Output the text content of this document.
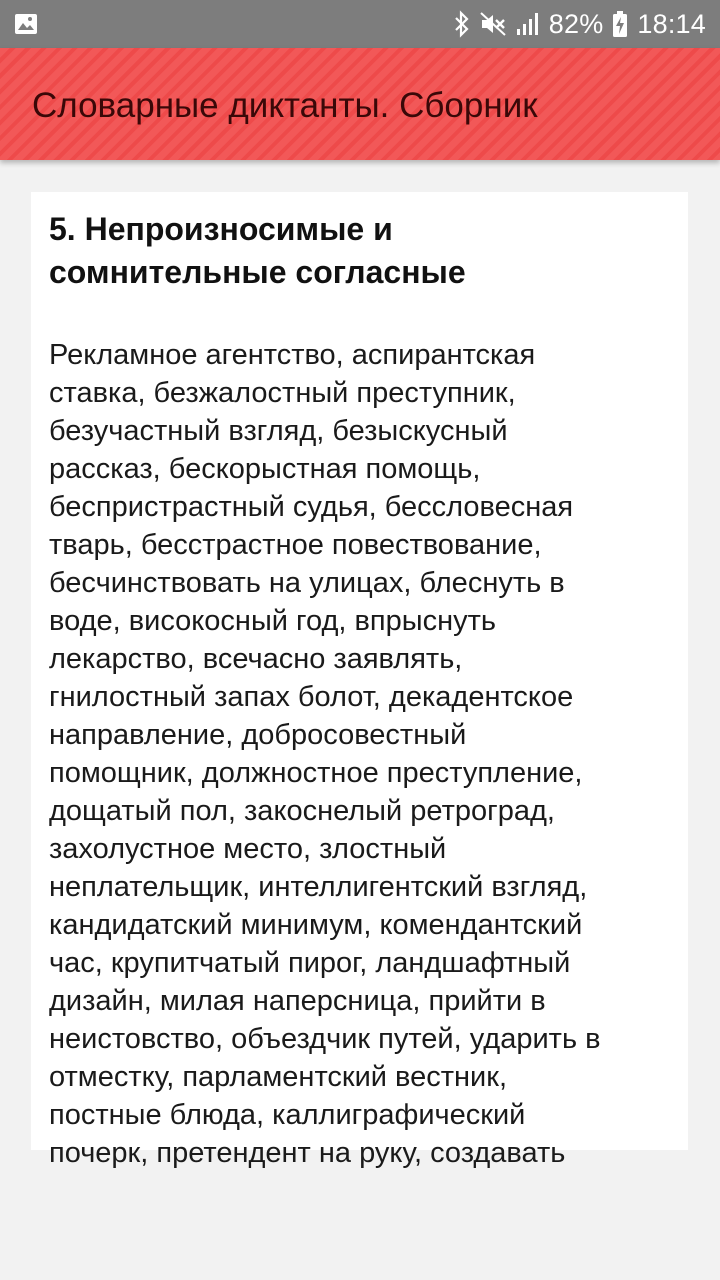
82% 18:14
Словарные диктанты. Сборник
5. Непроизносимые и
сомнительные согласные
Рекламное агентство, аспирантская
ставка, безжалостный преступник,
безучастный взгляд, безыскусный
рассказ, бескорыстная помощь,
беспристрастный судья, бессловесная
тварь, бесстрастное повествование,
бесчинствовать на улицах, блеснуть в
воде, високосный год, впрыснуть
лекарство, всечасно заявлять,
гнилостный запах болот, декадентское
направление, добросовестный
помощник, должностное преступление,
дощатый пол, закоснелый ретроград,
захолустное место, злостный
неплательщик, интеллигентский взгляд,
кандидатский минимум, комендантский
час, крупитчатый пирог, ландшафтный
дизайн, милая наперсница, прийти в
неистовство, объездчик путей, ударить в
отместку, парламентский вестник,
постные блюда, каллиграфический
почерк, претендент на руку, создавать
